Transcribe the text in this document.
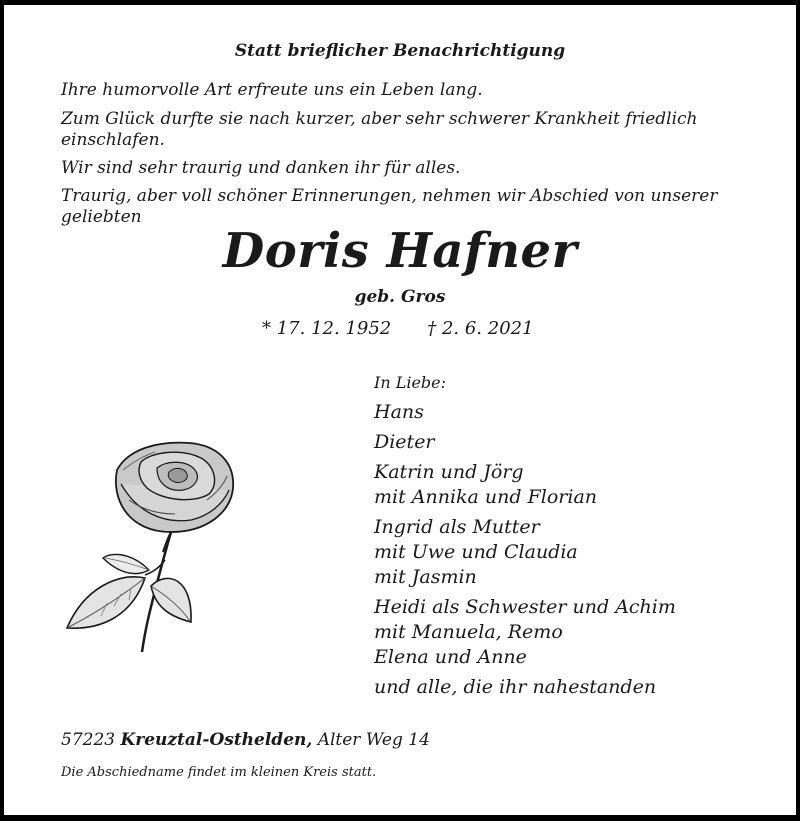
Statt brieflicher Benachrichtigung
Ihre humorvolle Art erfreute uns ein Leben lang.
Zum Glück durfte sie nach kurzer, aber sehr schwerer Krankheit friedlich
einschlafen.
Wir sind sehr traurig und danken ihr für alles.
Traurig, aber voll schöner Erinnerungen, nehmen wir Abschied von unserer
geliebten
Doris Hafner
geb. Gros
* 17. 12. 1952 † 2. 6. 2021
In Liebe:
Hans
Dieter
Katrin und Jörg
mit Annika und Florian
Ingrid als Mutter
mit Uwe und Claudia
mit Jasmin
Heidi als Schwester und Achim
mit Manuela, Remo
Elena und Anne
und alle, die ihr nahestanden
57223 Kreuztal-Osthelden, Alter Weg 14
Die Abschiedname findet im kleinen Kreis statt.
